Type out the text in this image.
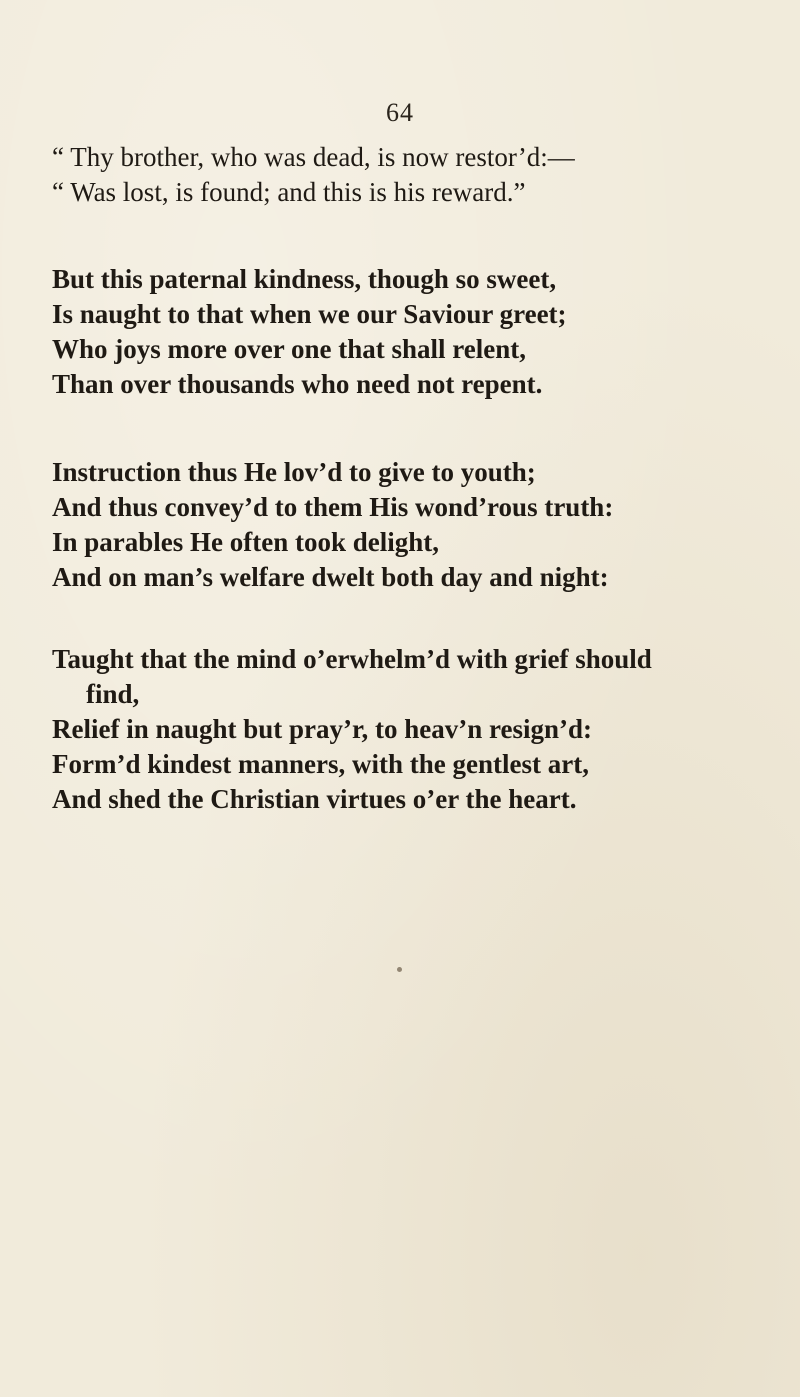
64
“ Thy brother, who was dead, is now restor’d:—
“ Was lost, is found; and this is his reward.”
But this paternal kindness, though so sweet,
Is naught to that when we our Saviour greet;
Who joys more over one that shall relent,
Than over thousands who need not repent.
Instruction thus He lov’d to give to youth;
And thus convey’d to them His wond’rous truth:
In parables He often took delight,
And on man’s welfare dwelt both day and night:
Taught that the mind o’erwhelm’d with grief should
find,
Relief in naught but pray’r, to heav’n resign’d:
Form’d kindest manners, with the gentlest art,
And shed the Christian virtues o’er the heart.
